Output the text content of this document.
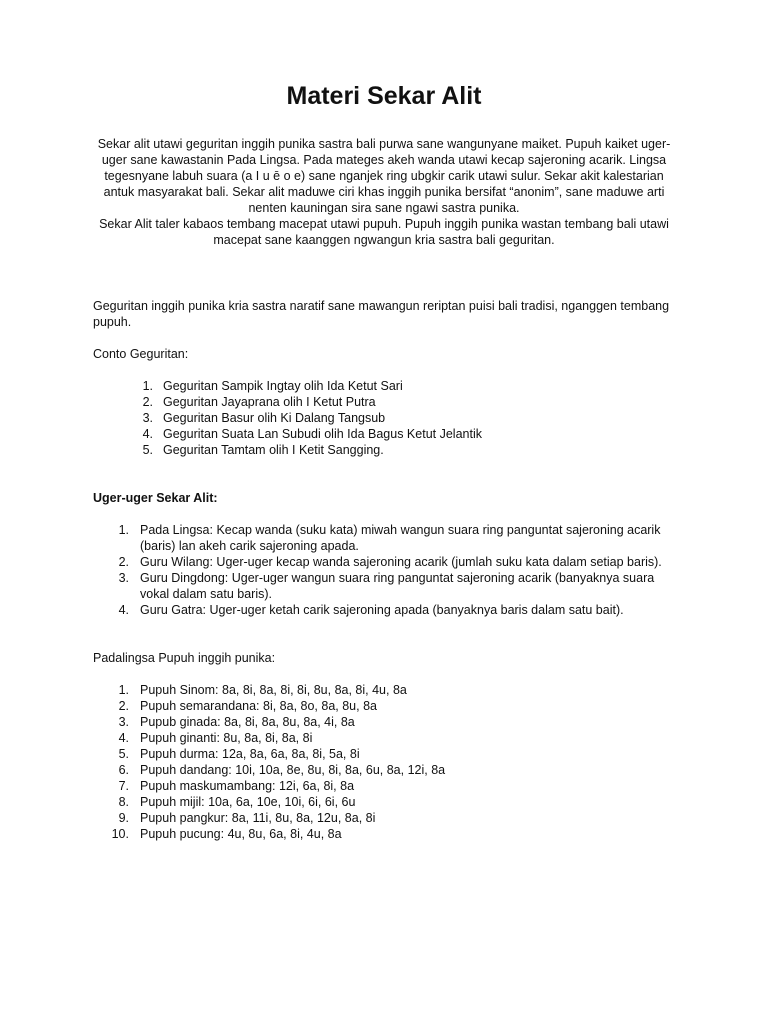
Materi Sekar Alit

Sekar alit utawi geguritan inggih punika sastra bali purwa sane wangunyane maiket. Pupuh kaiket uger-uger sane kawastanin Pada Lingsa. Pada mateges akeh wanda utawi kecap sajeroning acarik. Lingsa tegesnyane labuh suara (a I u ē o e) sane nganjek ring ubgkir carik utawi sulur. Sekar akit kalestarian antuk masyarakat bali. Sekar alit maduwe ciri khas inggih punika bersifat “anonim”, sane maduwe arti nenten kauningan sira sane ngawi sastra punika.

Sekar Alit taler kabaos tembang macepat utawi pupuh. Pupuh inggih punika wastan tembang bali utawi macepat sane kaanggen ngwangun kria sastra bali geguritan.

Geguritan inggih punika kria sastra naratif sane mawangun reriptan puisi bali tradisi, nganggen tembang pupuh.

Conto Geguritan:

1. Geguritan Sampik Ingtay olih Ida Ketut Sari
2. Geguritan Jayaprana olih I Ketut Putra
3. Geguritan Basur olih Ki Dalang Tangsub
4. Geguritan Suata Lan Subudi olih Ida Bagus Ketut Jelantik
5. Geguritan Tamtam olih I Ketit Sangging.

Uger-uger Sekar Alit:

1. Pada Lingsa: Kecap wanda (suku kata) miwah wangun suara ring panguntat sajeroning acarik (baris) lan akeh carik sajeroning apada.
2. Guru Wilang: Uger-uger kecap wanda sajeroning acarik (jumlah suku kata dalam setiap baris).
3. Guru Dingdong: Uger-uger wangun suara ring panguntat sajeroning acarik (banyaknya suara vokal dalam satu baris).
4. Guru Gatra: Uger-uger ketah carik sajeroning apada (banyaknya baris dalam satu bait).

Padalingsa Pupuh inggih punika:

1. Pupuh Sinom: 8a, 8i, 8a, 8i, 8i, 8u, 8a, 8i, 4u, 8a
2. Pupuh semarandana: 8i, 8a, 8o, 8a, 8u, 8a
3. Pupub ginada: 8a, 8i, 8a, 8u, 8a, 4i, 8a
4. Pupuh ginanti: 8u, 8a, 8i, 8a, 8i
5. Pupuh durma: 12a, 8a, 6a, 8a, 8i, 5a, 8i
6. Pupuh dandang: 10i, 10a, 8e, 8u, 8i, 8a, 6u, 8a, 12i, 8a
7. Pupuh maskumambang: 12i, 6a, 8i, 8a
8. Pupuh mijil: 10a, 6a, 10e, 10i, 6i, 6i, 6u
9. Pupuh pangkur: 8a, 11i, 8u, 8a, 12u, 8a, 8i
10. Pupuh pucung: 4u, 8u, 6a, 8i, 4u, 8a
